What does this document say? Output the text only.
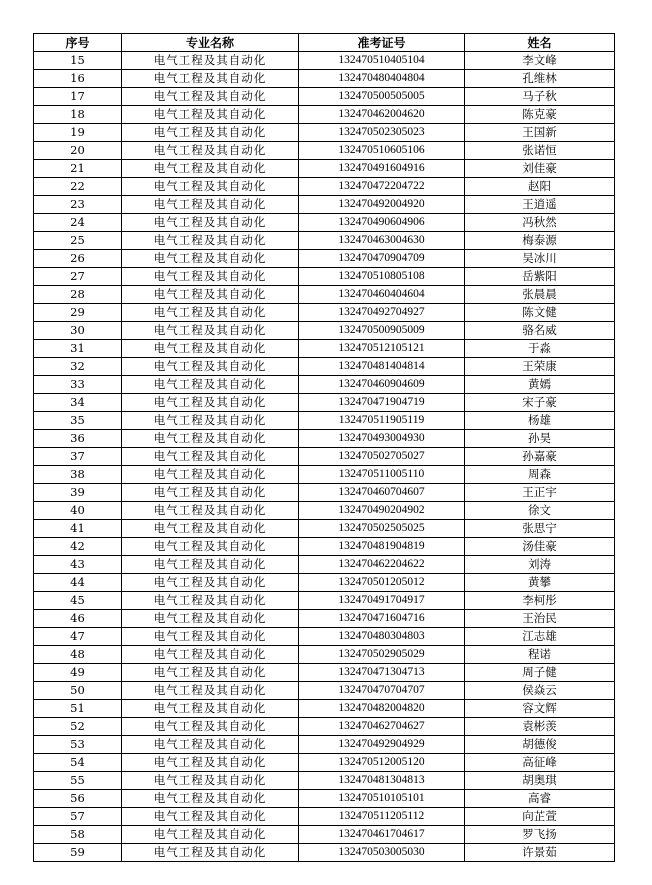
序号	专业名称	准考证号	姓名
15	电气工程及其自动化	132470510405104	李文峰
16	电气工程及其自动化	132470480404804	孔维林
17	电气工程及其自动化	132470500505005	马子秋
18	电气工程及其自动化	132470462004620	陈克豪
19	电气工程及其自动化	132470502305023	王国新
20	电气工程及其自动化	132470510605106	张诺恒
21	电气工程及其自动化	132470491604916	刘佳豪
22	电气工程及其自动化	132470472204722	赵阳
23	电气工程及其自动化	132470492004920	王逍遥
24	电气工程及其自动化	132470490604906	冯秋然
25	电气工程及其自动化	132470463004630	梅泰源
26	电气工程及其自动化	132470470904709	吴冰川
27	电气工程及其自动化	132470510805108	岳紫阳
28	电气工程及其自动化	132470460404604	张晨晨
29	电气工程及其自动化	132470492704927	陈文健
30	电气工程及其自动化	132470500905009	骆名威
31	电气工程及其自动化	132470512105121	于淼
32	电气工程及其自动化	132470481404814	王荣康
33	电气工程及其自动化	132470460904609	黄嫣
34	电气工程及其自动化	132470471904719	宋子豪
35	电气工程及其自动化	132470511905119	杨雄
36	电气工程及其自动化	132470493004930	孙昊
37	电气工程及其自动化	132470502705027	孙嘉豪
38	电气工程及其自动化	132470511005110	周森
39	电气工程及其自动化	132470460704607	王正宇
40	电气工程及其自动化	132470490204902	徐文
41	电气工程及其自动化	132470502505025	张思宁
42	电气工程及其自动化	132470481904819	汤佳豪
43	电气工程及其自动化	132470462204622	刘涛
44	电气工程及其自动化	132470501205012	黄攀
45	电气工程及其自动化	132470491704917	李柯彤
46	电气工程及其自动化	132470471604716	王治民
47	电气工程及其自动化	132470480304803	江志雄
48	电气工程及其自动化	132470502905029	程诺
49	电气工程及其自动化	132470471304713	周子健
50	电气工程及其自动化	132470470704707	侯焱云
51	电气工程及其自动化	132470482004820	容文辉
52	电气工程及其自动化	132470462704627	袁彬羡
53	电气工程及其自动化	132470492904929	胡德俊
54	电气工程及其自动化	132470512005120	高征峰
55	电气工程及其自动化	132470481304813	胡奥琪
56	电气工程及其自动化	132470510105101	高睿
57	电气工程及其自动化	132470511205112	向芷萱
58	电气工程及其自动化	132470461704617	罗飞扬
59	电气工程及其自动化	132470503005030	许景茹
